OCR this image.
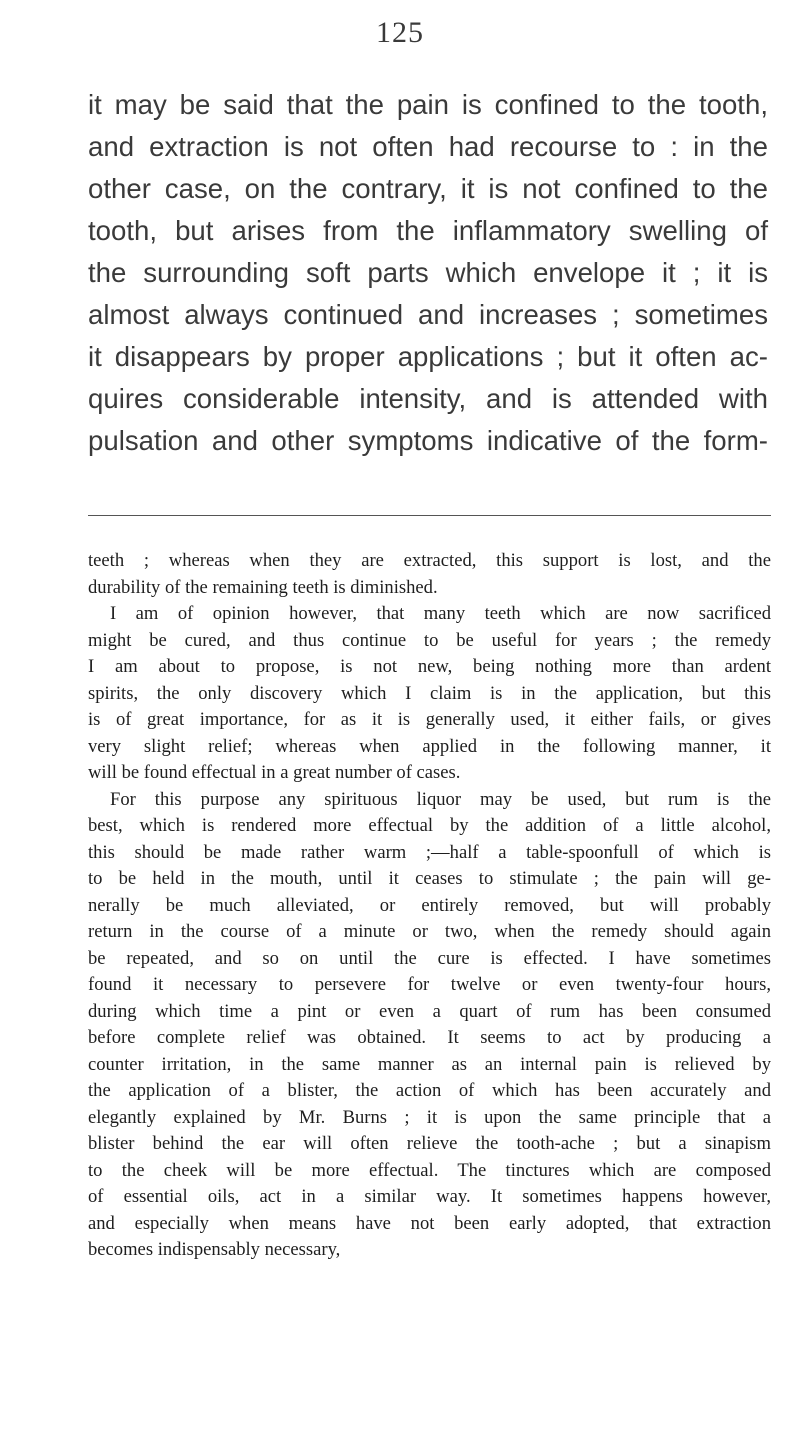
125
it may be said that the pain is confined to the tooth,
and extraction is not often had recourse to : in the
other case, on the contrary, it is not confined to the
tooth, but arises from the inflammatory swelling of
the surrounding soft parts which envelope it ; it is
almost always continued and increases ; sometimes
it disappears by proper applications ; but it often ac-
quires considerable intensity, and is attended with
pulsation and other symptoms indicative of the form-
teeth ; whereas when they are extracted, this support is lost, and the
durability of the remaining teeth is diminished.
I am of opinion however, that many teeth which are now sacrificed
might be cured, and thus continue to be useful for years ; the remedy
I am about to propose, is not new, being nothing more than ardent
spirits, the only discovery which I claim is in the application, but this
is of great importance, for as it is generally used, it either fails, or gives
very slight relief; whereas when applied in the following manner, it
will be found effectual in a great number of cases.
For this purpose any spirituous liquor may be used, but rum is the
best, which is rendered more effectual by the addition of a little alcohol,
this should be made rather warm ;—half a table-spoonfull of which is
to be held in the mouth, until it ceases to stimulate ; the pain will ge-
nerally be much alleviated, or entirely removed, but will probably
return in the course of a minute or two, when the remedy should again
be repeated, and so on until the cure is effected. I have sometimes
found it necessary to persevere for twelve or even twenty-four hours,
during which time a pint or even a quart of rum has been consumed
before complete relief was obtained. It seems to act by producing a
counter irritation, in the same manner as an internal pain is relieved by
the application of a blister, the action of which has been accurately and
elegantly explained by Mr. Burns ; it is upon the same principle that a
blister behind the ear will often relieve the tooth-ache ; but a sinapism
to the cheek will be more effectual. The tinctures which are composed
of essential oils, act in a similar way. It sometimes happens however,
and especially when means have not been early adopted, that extraction
becomes indispensably necessary,
